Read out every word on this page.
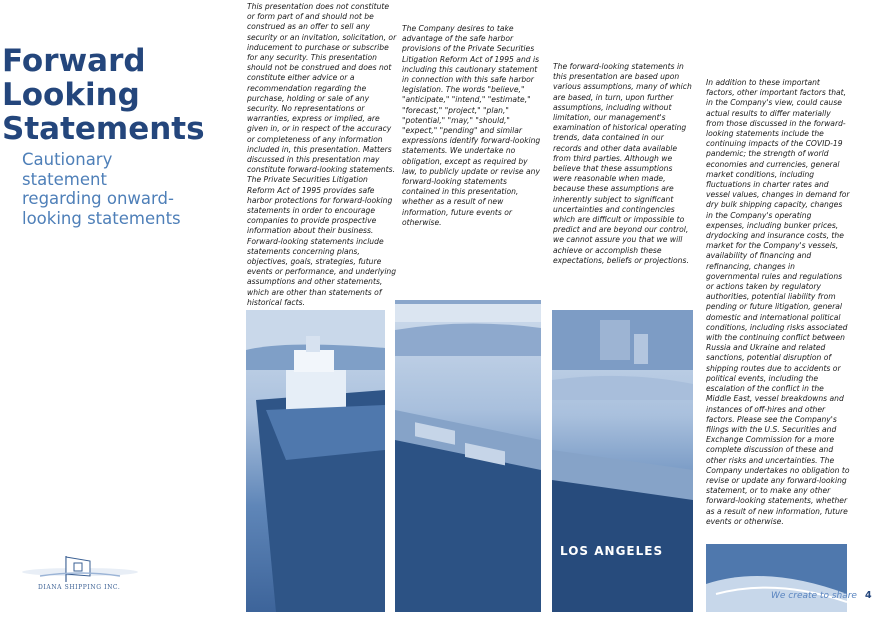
Forward
Looking
Statements

Cautionary statement regarding onward-looking statements

LOS ANGELES

This presentation does not constitute or form part of and should not be construed as an offer to sell any security or an invitation, solicitation, or inducement to purchase or subscribe for any security. This presentation should not be construed and does not constitute either advice or a recommendation regarding the purchase, holding or sale of any security. No representations or warranties, express or implied, are given in, or in respect of the accuracy or completeness of any information included in, this presentation. Matters discussed in this presentation may constitute forward-looking statements. The Private Securities Litigation Reform Act of 1995 provides safe harbor protections for forward-looking statements in order to encourage companies to provide prospective information about their business. Forward-looking statements include statements concerning plans, objectives, goals, strategies, future events or performance, and underlying assumptions and other statements, which are other than statements of historical facts.

The Company desires to take advantage of the safe harbor provisions of the Private Securities Litigation Reform Act of 1995 and is including this cautionary statement in connection with this safe harbor legislation. The words "believe," "anticipate," "intend," "estimate," "forecast," "project," "plan," "potential," "may," "should," "expect," "pending" and similar expressions identify forward-looking statements. We undertake no obligation, except as required by law, to publicly update or revise any forward-looking statements contained in this presentation, whether as a result of new information, future events or otherwise.

The forward-looking statements in this presentation are based upon various assumptions, many of which are based, in turn, upon further assumptions, including without limitation, our management's examination of historical operating trends, data contained in our records and other data available from third parties. Although we believe that these assumptions were reasonable when made, because these assumptions are inherently subject to significant uncertainties and contingencies which are difficult or impossible to predict and are beyond our control, we cannot assure you that we will achieve or accomplish these expectations, beliefs or projections.

In addition to these important factors, other important factors that, in the Company's view, could cause actual results to differ materially from those discussed in the forward-looking statements include the continuing impacts of the COVID-19 pandemic; the strength of world economies and currencies, general market conditions, including fluctuations in charter rates and vessel values, changes in demand for dry bulk shipping capacity, changes in the Company's operating expenses, including bunker prices, drydocking and insurance costs, the market for the Company's vessels, availability of financing and refinancing, changes in governmental rules and regulations or actions taken by regulatory authorities, potential liability from pending or future litigation, general domestic and international political conditions, including risks associated with the continuing conflict between Russia and Ukraine and related sanctions, potential disruption of shipping routes due to accidents or political events, including the escalation of the conflict in the Middle East, vessel breakdowns and instances of off-hires and other factors. Please see the Company's filings with the U.S. Securities and Exchange Commission for a more complete discussion of these and other risks and uncertainties. The Company undertakes no obligation to revise or update any forward-looking statement, or to make any other forward-looking statements, whether as a result of new information, future events or otherwise.

DIANA SHIPPING INC.

We create to share 4
